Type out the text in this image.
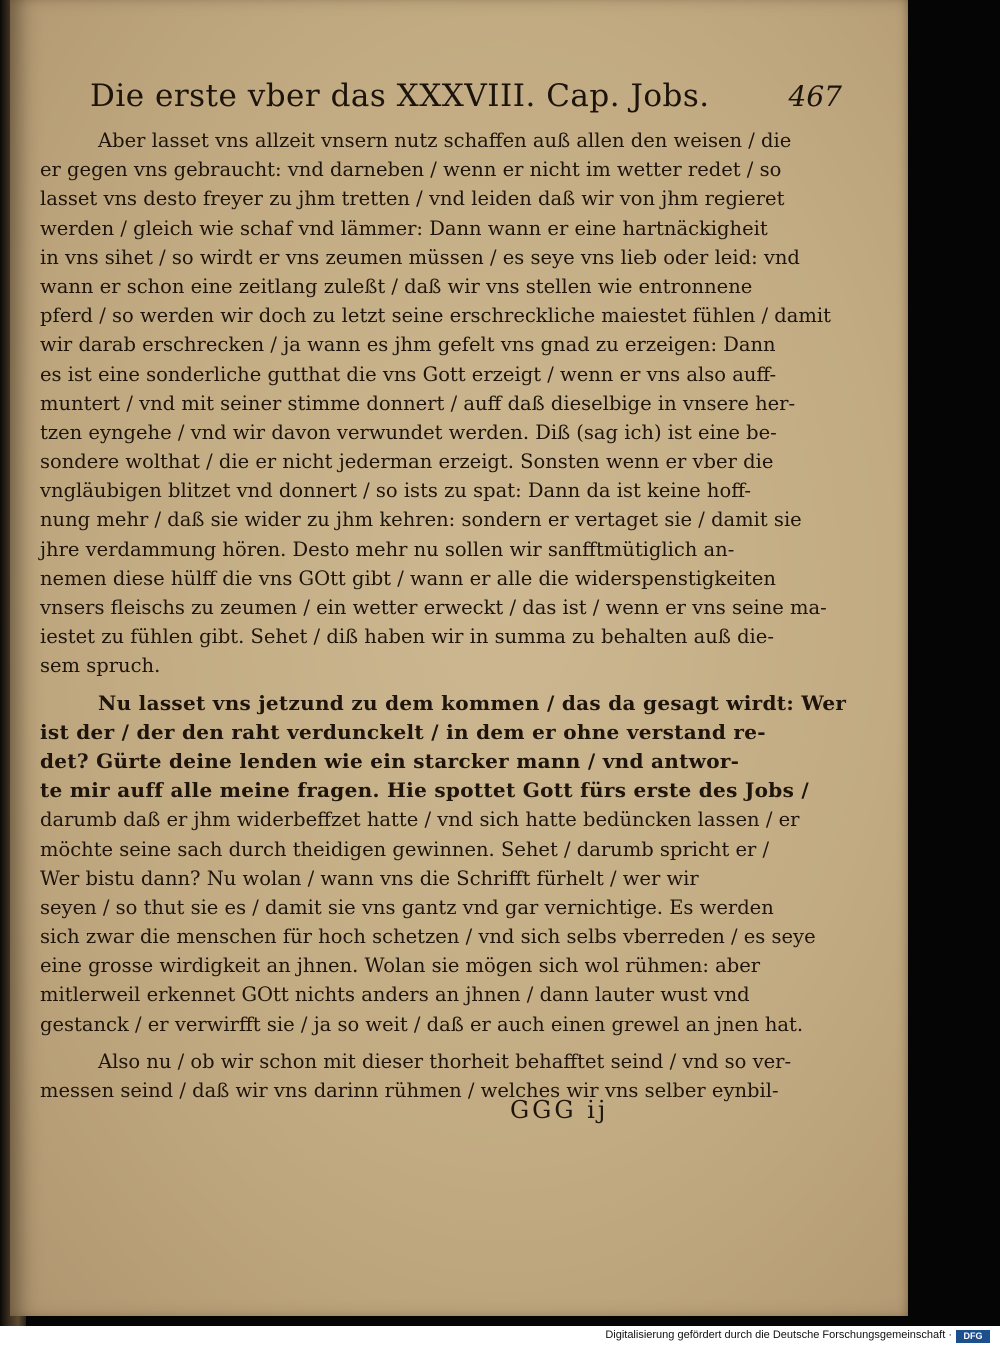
Die erste vber das XXXVIII. Cap. Jobs.	467
Aber lasset vns allzeit vnsern nutz schaffen auß allen den weisen / die
er gegen vns gebraucht: vnd darneben / wenn er nicht im wetter redet / so
lasset vns desto freyer zu jhm tretten / vnd leiden daß wir von jhm regieret
werden / gleich wie schaf vnd lämmer: Dann wann er eine hartnäckigheit
in vns sihet / so wirdt er vns zeumen müssen / es seye vns lieb oder leid: vnd
wann er schon eine zeitlang zuleßt / daß wir vns stellen wie entronnene
pferd / so werden wir doch zu letzt seine erschreckliche maiestet fühlen / damit
wir darab erschrecken / ja wann es jhm gefelt vns gnad zu erzeigen: Dann
es ist eine sonderliche gutthat die vns Gott erzeigt / wenn er vns also auff-
muntert / vnd mit seiner stimme donnert / auff daß dieselbige in vnsere her-
tzen eyngehe / vnd wir davon verwundet werden. Diß (sag ich) ist eine be-
sondere wolthat / die er nicht jederman erzeigt. Sonsten wenn er vber die
vngläubigen blitzet vnd donnert / so ists zu spat: Dann da ist keine hoff-
nung mehr / daß sie wider zu jhm kehren: sondern er vertaget sie / damit sie
jhre verdammung hören. Desto mehr nu sollen wir sanfftmütiglich an-
nemen diese hülff die vns GOtt gibt / wann er alle die widerspenstigkeiten
vnsers fleischs zu zeumen / ein wetter erweckt / das ist / wenn er vns seine ma-
iestet zu fühlen gibt. Sehet / diß haben wir in summa zu behalten auß die-
sem spruch.
Nu lasset vns jetzund zu dem kommen / das da gesagt wirdt: Wer
ist der / der den raht verdunckelt / in dem er ohne verstand re-
det? Gürte deine lenden wie ein starcker mann / vnd antwor-
te mir auff alle meine fragen. Hie spottet Gott fürs erste des Jobs /
darumb daß er jhm widerbeffzet hatte / vnd sich hatte bedüncken lassen / er
möchte seine sach durch theidigen gewinnen. Sehet / darumb spricht er /
Wer bistu dann? Nu wolan / wann vns die Schrifft fürhelt / wer wir
seyen / so thut sie es / damit sie vns gantz vnd gar vernichtige. Es werden
sich zwar die menschen für hoch schetzen / vnd sich selbs vberreden / es seye
eine grosse wirdigkeit an jhnen. Wolan sie mögen sich wol rühmen: aber
mitlerweil erkennet GOtt nichts anders an jhnen / dann lauter wust vnd
gestanck / er verwirfft sie / ja so weit / daß er auch einen grewel an jnen hat.
Also nu / ob wir schon mit dieser thorheit behafftet seind / vnd so ver-
messen seind / daß wir vns darinn rühmen / welches wir vns selber eynbil-
GGG ij
Digitalisierung gefördert durch die Deutsche Forschungsgemeinschaft ·	DFG
